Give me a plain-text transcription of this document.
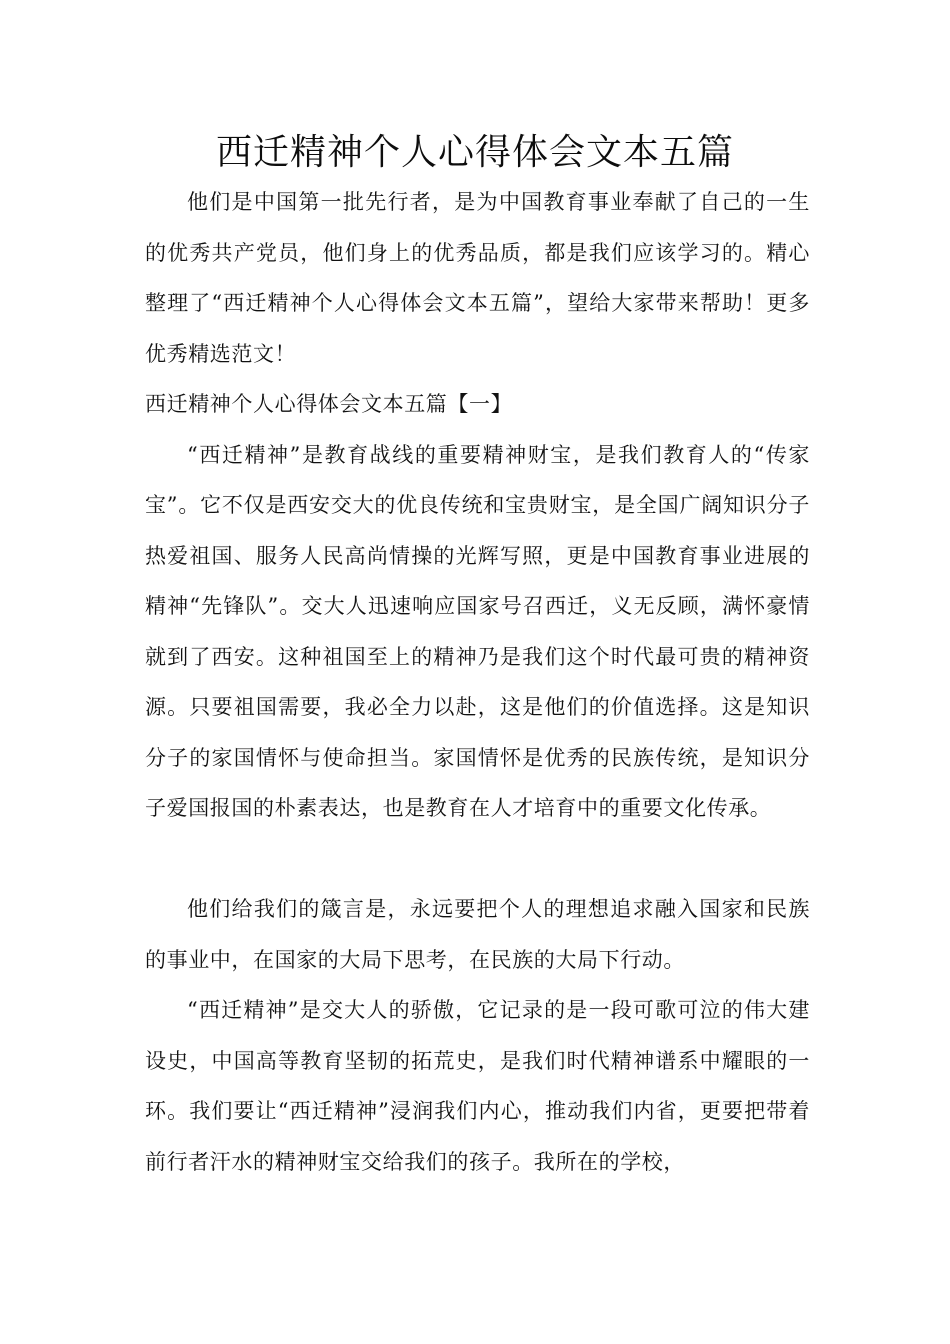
西迁精神个人心得体会文本五篇

他们是中国第一批先行者，是为中国教育事业奉献了自己的一生的优秀共产党员，他们身上的优秀品质，都是我们应该学习的。精心整理了“西迁精神个人心得体会文本五篇”，望给大家带来帮助！更多优秀精选范文！

西迁精神个人心得体会文本五篇【一】

“西迁精神”是教育战线的重要精神财宝，是我们教育人的“传家宝”。它不仅是西安交大的优良传统和宝贵财宝，是全国广阔知识分子热爱祖国、服务人民高尚情操的光辉写照，更是中国教育事业进展的精神“先锋队”。交大人迅速响应国家号召西迁，义无反顾，满怀豪情就到了西安。这种祖国至上的精神乃是我们这个时代最可贵的精神资源。只要祖国需要，我必全力以赴，这是他们的价值选择。这是知识分子的家国情怀与使命担当。家国情怀是优秀的民族传统，是知识分子爱国报国的朴素表达，也是教育在人才培育中的重要文化传承。

他们给我们的箴言是，永远要把个人的理想追求融入国家和民族的事业中，在国家的大局下思考，在民族的大局下行动。

“西迁精神”是交大人的骄傲，它记录的是一段可歌可泣的伟大建设史，中国高等教育坚韧的拓荒史，是我们时代精神谱系中耀眼的一环。我们要让“西迁精神”浸润我们内心，推动我们内省，更要把带着前行者汗水的精神财宝交给我们的孩子。我所在的学校，
